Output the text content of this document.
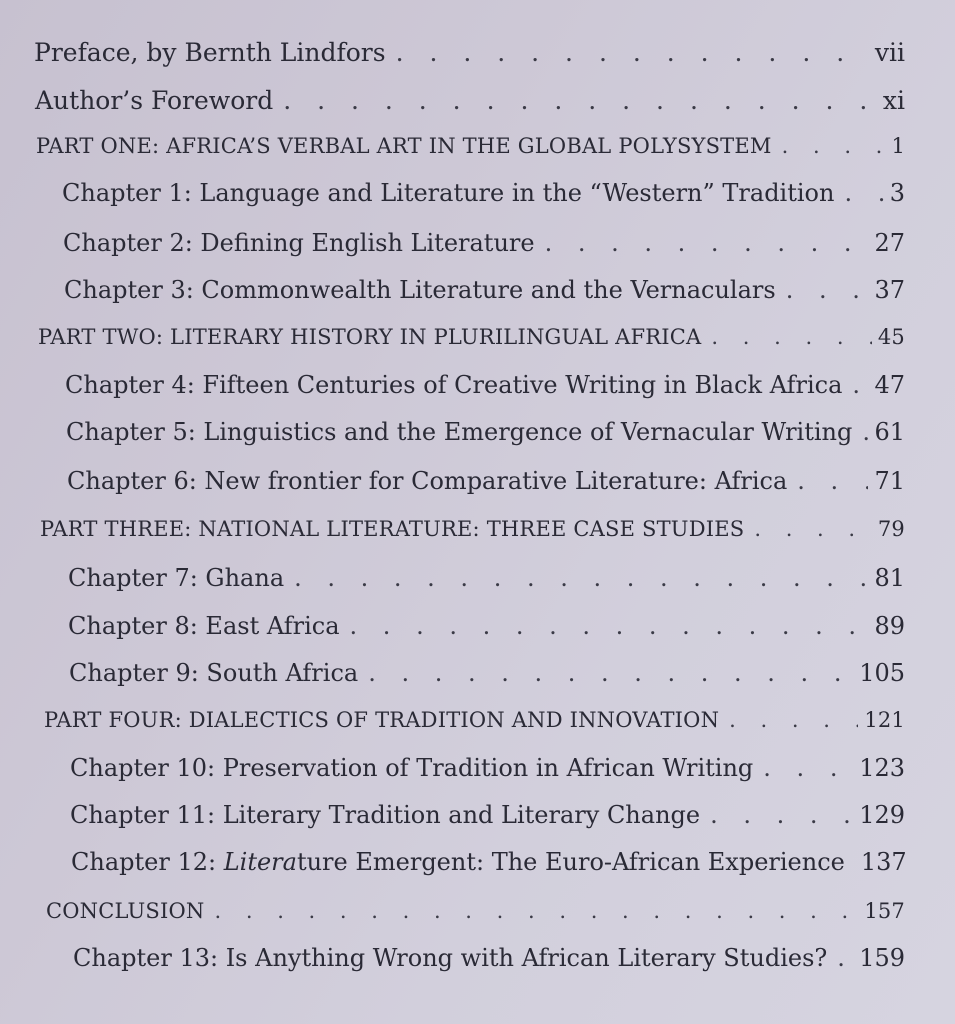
Preface, by Bernth Lindfors . . .	vii
Author’s Foreword . . .	xi
PART ONE: AFRICA’S VERBAL ART IN THE GLOBAL POLYSYSTEM . . .	1
Chapter 1: Language and Literature in the “Western” Tradition . . . 3
Chapter 2: Defining English Literature . . .	27
Chapter 3: Commonwealth Literature and the Vernaculars . . .	37
PART TWO: LITERARY HISTORY IN PLURILINGUAL AFRICA . . .	45
Chapter 4: Fifteen Centuries of Creative Writing in Black Africa . . . 47
Chapter 5: Linguistics and the Emergence of Vernacular Writing . . . 61
Chapter 6: New frontier for Comparative Literature: Africa . . .	71
PART THREE: NATIONAL LITERATURE: THREE CASE STUDIES . . .	79
Chapter 7: Ghana . . .	81
Chapter 8: East Africa . . .	89
Chapter 9: South Africa . . .	105
PART FOUR: DIALECTICS OF TRADITION AND INNOVATION . . .	121
Chapter 10: Preservation of Tradition in African Writing . . .	123
Chapter 11: Literary Tradition and Literary Change . . .	129
Chapter 12: Literature Emergent: The Euro-African Experience 137
CONCLUSION . . .	157
Chapter 13: Is Anything Wrong with African Literary Studies? . . . 159
